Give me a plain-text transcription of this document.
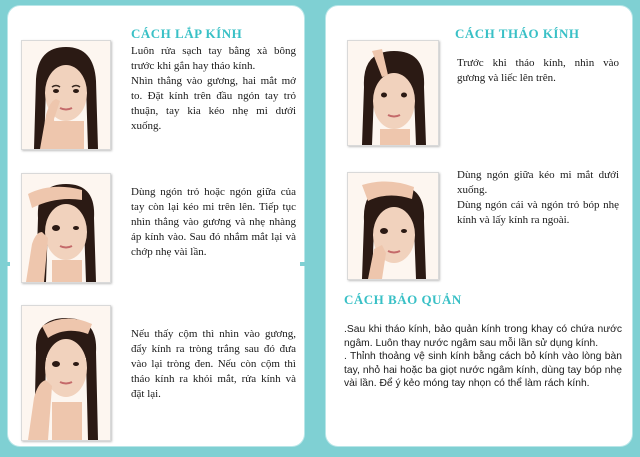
CÁCH LẮP KÍNH
Luôn rửa sạch tay bằng xà bông trước khi gắn hay tháo kính.
Nhìn thẳng vào gương, hai mắt mở to. Đặt kính trên đầu ngón tay trỏ thuận, tay kia kéo nhẹ mi dưới xuống.
Dùng ngón trỏ hoặc ngón giữa của tay còn lại kéo mi trên lên. Tiếp tục nhìn thẳng vào gương và nhẹ nhàng áp kính vào. Sau đó nhắm mắt lại và chớp nhẹ vài lần.
Nếu thấy cộm thì nhìn vào gương, đẩy kính ra tròng trắng sau đó đưa vào lại tròng đen. Nếu còn cộm thì tháo kính ra khỏi mắt, rửa kính và đặt lại.
CÁCH THÁO KÍNH
Trước khi tháo kính, nhìn vào gương và liếc lên trên.
Dùng ngón giữa kéo mi mắt dưới xuống.
Dùng ngón cái và ngón trỏ bóp nhẹ kính và lấy kính ra ngoài.
CÁCH BẢO QUẢN
.Sau khi tháo kính, bảo quản kính trong khay có chứa nước ngâm. Luôn thay nước ngâm sau mỗi lần sử dụng kính.
. Thỉnh thoảng vệ sinh kính bằng cách bỏ kính vào lòng bàn tay, nhỏ hai hoặc ba giọt nước ngâm kính, dùng tay bóp nhẹ vài lần. Để ý kẻo móng tay nhọn có thể làm rách kính.
